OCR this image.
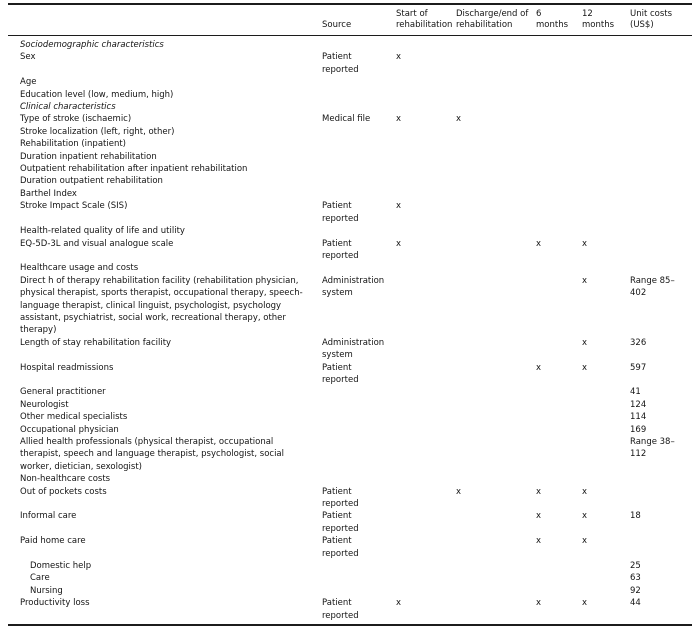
	Source	Start of rehabilitation	Discharge/end of rehabilitation	6 months	12 months	Unit costs (US$)
Sociodemographic characteristics						
Sex	Patient reported	x				
Age						
Education level (low, medium, high)						
Clinical characteristics						
Type of stroke (ischaemic)	Medical file	x	x			
Stroke localization (left, right, other)						
Rehabilitation (inpatient)						
Duration inpatient rehabilitation						
Outpatient rehabilitation after inpatient rehabilitation						
Duration outpatient rehabilitation						
Barthel Index						
Stroke Impact Scale (SIS)	Patient reported	x				
Health-related quality of life and utility						
EQ-5D-3L and visual analogue scale	Patient reported	x		x	x	
Healthcare usage and costs						
Direct h of therapy rehabilitation facility (rehabilitation physician, physical therapist, sports therapist, occupational therapy, speech-language therapist, clinical linguist, psychologist, psychology assistant, psychiatrist, social work, recreational therapy, other therapy)	Administration system				x	Range 85–402
Length of stay rehabilitation facility	Administration system				x	326
Hospital readmissions	Patient reported			x	x	597
General practitioner						41
Neurologist						124
Other medical specialists						114
Occupational physician						169
Allied health professionals (physical therapist, occupational therapist, speech and language therapist, psychologist, social worker, dietician, sexologist)						Range 38–112
Non-healthcare costs						
Out of pockets costs	Patient reported		x	x	x	
Informal care	Patient reported			x	x	18
Paid home care	Patient reported			x	x	
Domestic help						25
Care						63
Nursing						92
Productivity loss	Patient reported	x		x	x	44
